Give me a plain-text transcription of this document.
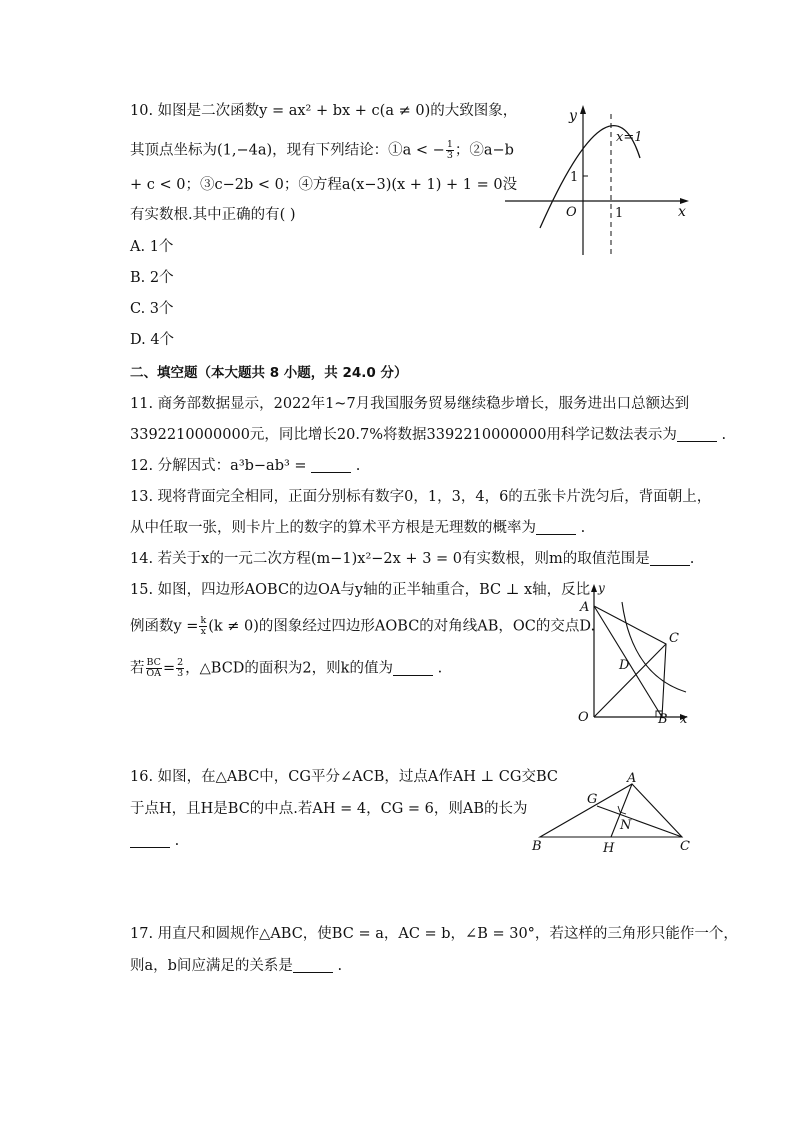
10. 如图是二次函数y = ax² + bx + c(a ≠ 0)的大致图象，
其顶点坐标为(1,−4a)，现有下列结论：①a < − $\frac{1}{3}$ ；②a−b
+ c < 0；③c−2b < 0；④方程a(x−3)(x + 1) + 1 = 0没
有实数根.其中正确的有( )
A. 1个
B. 2个
C. 3个
D. 4个
y
x
O	1
1
x=1
二、填空题（本大题共 8 小题，共 24.0 分）
11. 商务部数据显示，2022年1~7月我国服务贸易继续稳步增长，服务进出口总额达到
3392210000000元，同比增长20.7%将数据3392210000000用科学记数法表示为	.
12. 分解因式：a³b−ab³ =	.
13. 现将背面完全相同，正面分别标有数字0，1，3，4，6的五张卡片洗匀后，背面朝上，
从中任取一张，则卡片上的数字的算术平方根是无理数的概率为	.
14. 若关于x的一元二次方程(m−1)x²−2x + 3 = 0有实数根，则m的取值范围是	.
15. 如图，四边形AOBC的边OA与y轴的正半轴重合，BC ⊥ x轴，反比
例函数$y = \frac{k}{x} (k \ne 0)$的图象经过四边形AOBC的对角线AB，OC的交点D.
若 $\frac{BC}{OA} = \frac{2}{3}$ ，△BCD的面积为2，则k的值为	.
y
A
C
D
O	B x
16. 如图，在△ABC中，CG平分∠ACB，过点A作AH ⊥ CG交BC
于点H，且H是BC的中点.若AH = 4，CG = 6，则AB的长为
.
A
G
N
B	H	C
17. 用直尺和圆规作△ABC，使BC = a，AC = b，∠B = 30°，若这样的三角形只能作一个，
则a，b间应满足的关系是	.
